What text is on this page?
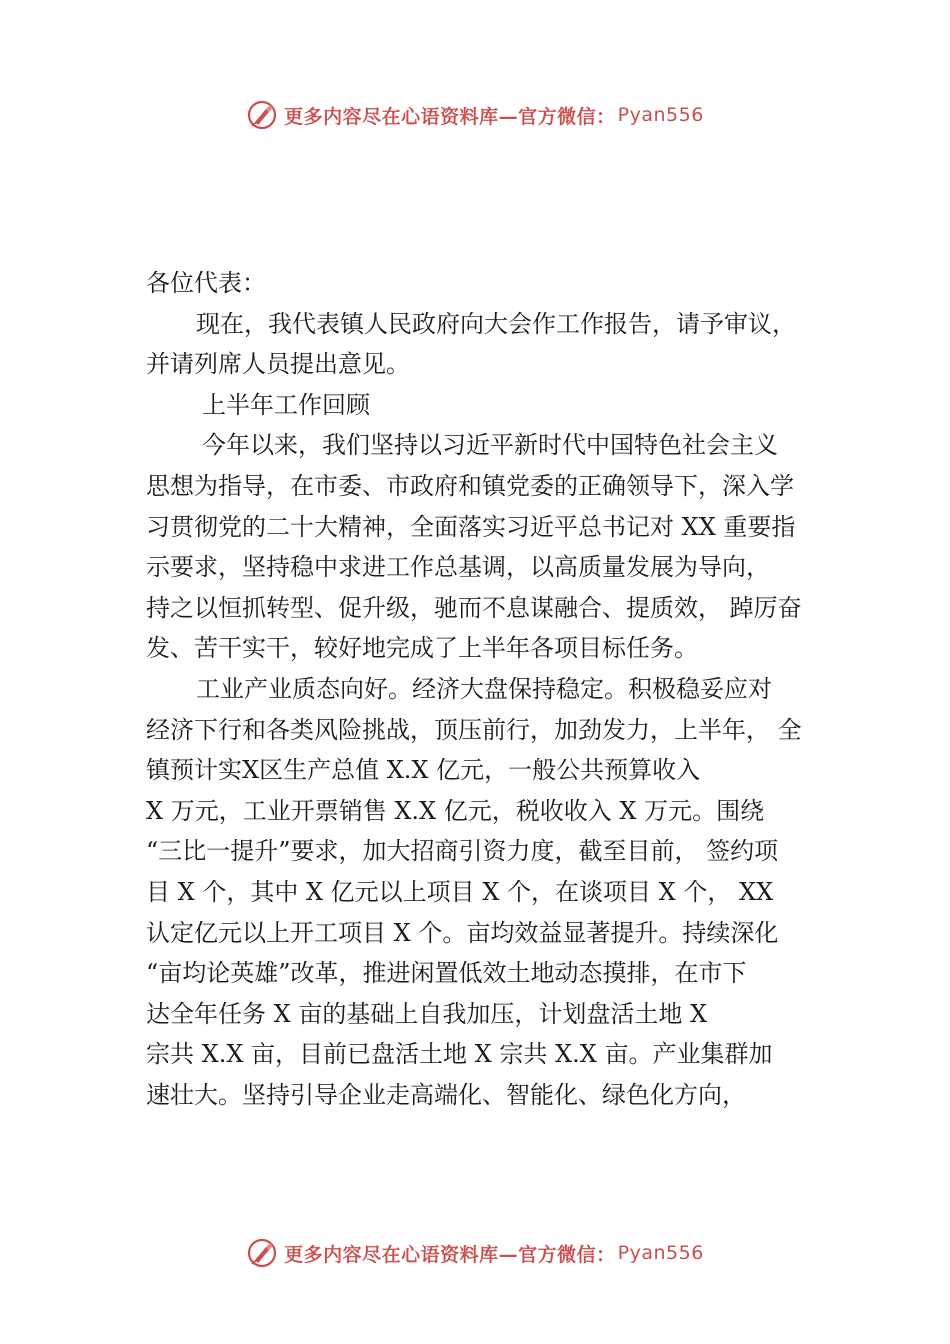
更多内容尽在心语资料库—官方微信： Pyan556
各位代表：
现在，我代表镇人民政府向大会作工作报告，请予审议，
并请列席人员提出意见。
上半年工作回顾
今年以来，我们坚持以习近平新时代中国特色社会主义
思想为指导，在市委、市政府和镇党委的正确领导下，深入学
习贯彻党的二十大精神，全面落实习近平总书记对 XX 重要指
示要求，坚持稳中求进工作总基调，以高质量发展为导向，
持之以恒抓转型、促升级，驰而不息谋融合、提质效， 踔厉奋
发、苦干实干，较好地完成了上半年各项目标任务。
工业产业质态向好。经济大盘保持稳定。积极稳妥应对
经济下行和各类风险挑战，顶压前行，加劲发力，上半年， 全
镇预计实Ⅹ区生产总值 X.X 亿元，一般公共预算收入
X 万元，工业开票销售 X.X 亿元，税收收入 X 万元。围绕
“三比一提升”要求，加大招商引资力度，截至目前， 签约项
目 X 个，其中 X 亿元以上项目 X 个，在谈项目 X 个， XX
认定亿元以上开工项目 X 个。亩均效益显著提升。持续深化
“亩均论英雄”改革，推进闲置低效土地动态摸排，在市下
达全年任务 X 亩的基础上自我加压，计划盘活土地 X
宗共 X.X 亩，目前已盘活土地 X 宗共 X.X 亩。产业集群加
速壮大。坚持引导企业走高端化、智能化、绿色化方向，
更多内容尽在心语资料库—官方微信： Pyan556
